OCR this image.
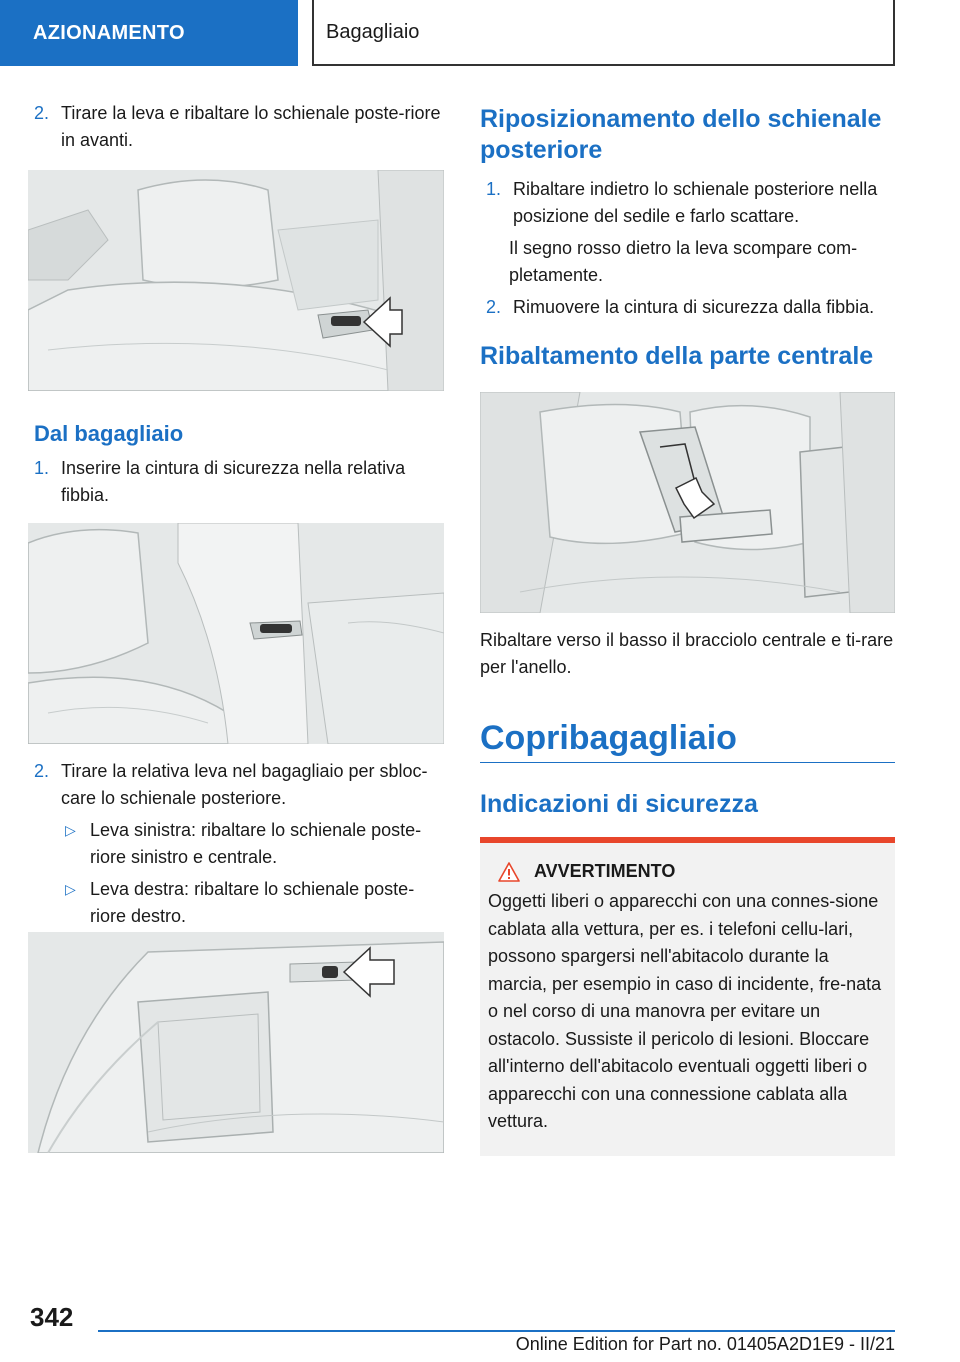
AZIONAMENTO	Bagagliaio
2. Tirare la leva e ribaltare lo schienale poste-riore in avanti.
Dal bagagliaio
1. Inserire la cintura di sicurezza nella relativa fibbia.
2. Tirare la relativa leva nel bagagliaio per sbloc-care lo schienale posteriore.
▷ Leva sinistra: ribaltare lo schienale poste-riore sinistro e centrale.
▷ Leva destra: ribaltare lo schienale poste-riore destro.
Riposizionamento dello schienale posteriore
1. Ribaltare indietro lo schienale posteriore nella posizione del sedile e farlo scattare.
Il segno rosso dietro la leva scompare com-pletamente.
2. Rimuovere la cintura di sicurezza dalla fibbia.
Ribaltamento della parte centrale
Ribaltare verso il basso il bracciolo centrale e ti-rare per l'anello.
Copribagagliaio
Indicazioni di sicurezza
AVVERTIMENTO
Oggetti liberi o apparecchi con una connes-sione cablata alla vettura, per es. i telefoni cellu-lari, possono spargersi nell'abitacolo durante la marcia, per esempio in caso di incidente, fre-nata o nel corso di una manovra per evitare un ostacolo. Sussiste il pericolo di lesioni. Bloccare all'interno dell'abitacolo eventuali oggetti liberi o apparecchi con una connessione cablata alla vettura.
342
Online Edition for Part no. 01405A2D1E9 - II/21
